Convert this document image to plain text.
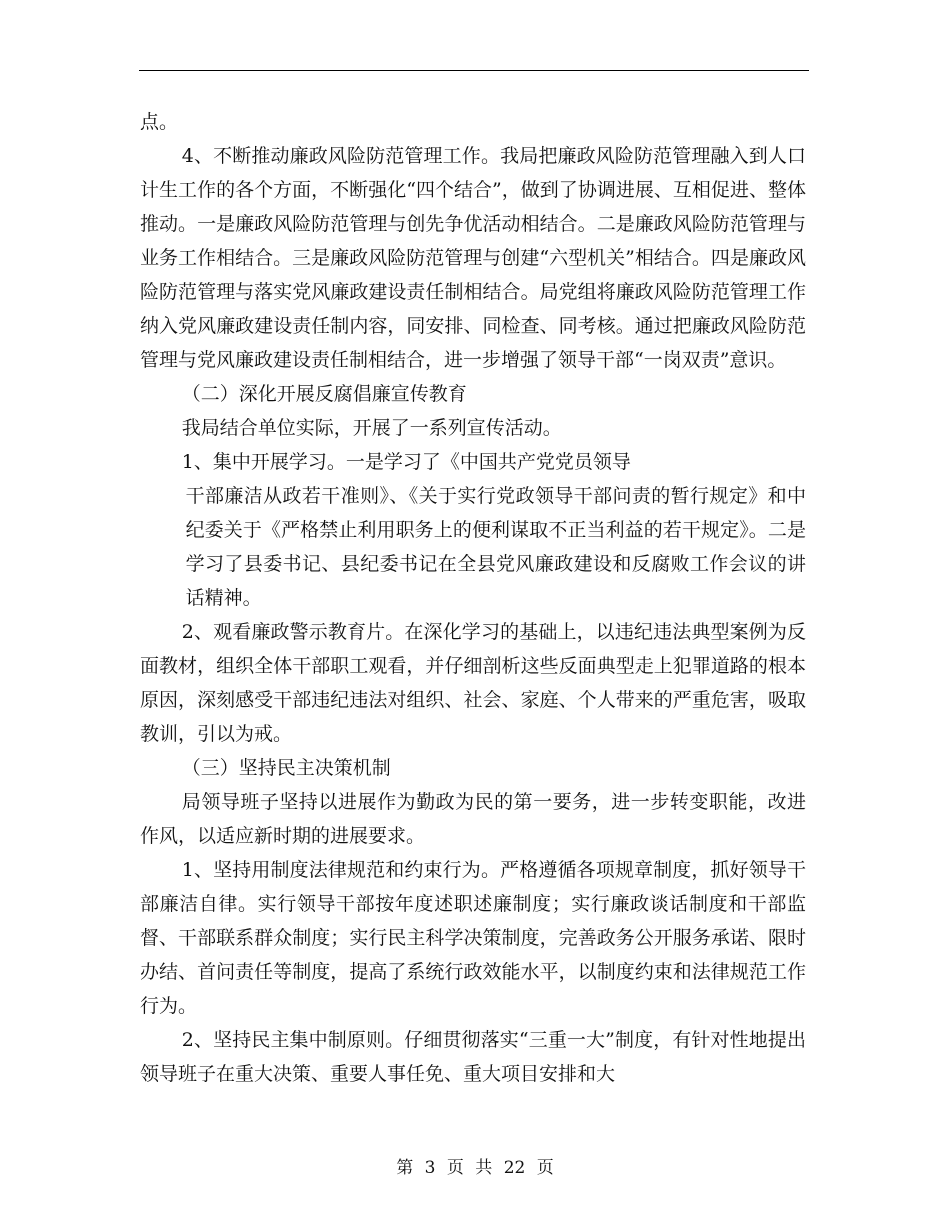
点。

4、不断推动廉政风险防范管理工作。我局把廉政风险防范管理融入到人口计生工作的各个方面，不断强化“四个结合”，做到了协调进展、互相促进、整体推动。一是廉政风险防范管理与创先争优活动相结合。二是廉政风险防范管理与业务工作相结合。三是廉政风险防范管理与创建“六型机关”相结合。四是廉政风险防范管理与落实党风廉政建设责任制相结合。局党组将廉政风险防范管理工作纳入党风廉政建设责任制内容，同安排、同检查、同考核。通过把廉政风险防范管理与党风廉政建设责任制相结合，进一步增强了领导干部“一岗双责”意识。

（二）深化开展反腐倡廉宣传教育

我局结合单位实际，开展了一系列宣传活动。

1、集中开展学习。一是学习了《中国共产党党员领导

干部廉洁从政若干准则》、《关于实行党政领导干部问责的暂行规定》和中纪委关于《严格禁止利用职务上的便利谋取不正当利益的若干规定》。二是学习了县委书记、县纪委书记在全县党风廉政建设和反腐败工作会议的讲话精神。

2、观看廉政警示教育片。在深化学习的基础上，以违纪违法典型案例为反面教材，组织全体干部职工观看，并仔细剖析这些反面典型走上犯罪道路的根本原因，深刻感受干部违纪违法对组织、社会、家庭、个人带来的严重危害，吸取教训，引以为戒。

（三）坚持民主决策机制

局领导班子坚持以进展作为勤政为民的第一要务，进一步转变职能，改进作风，以适应新时期的进展要求。

1、坚持用制度法律规范和约束行为。严格遵循各项规章制度，抓好领导干部廉洁自律。实行领导干部按年度述职述廉制度；实行廉政谈话制度和干部监督、干部联系群众制度；实行民主科学决策制度，完善政务公开服务承诺、限时办结、首问责任等制度，提高了系统行政效能水平，以制度约束和法律规范工作行为。

2、坚持民主集中制原则。仔细贯彻落实“三重一大”制度，有针对性地提出领导班子在重大决策、重要人事任免、重大项目安排和大

第 3 页 共 22 页
